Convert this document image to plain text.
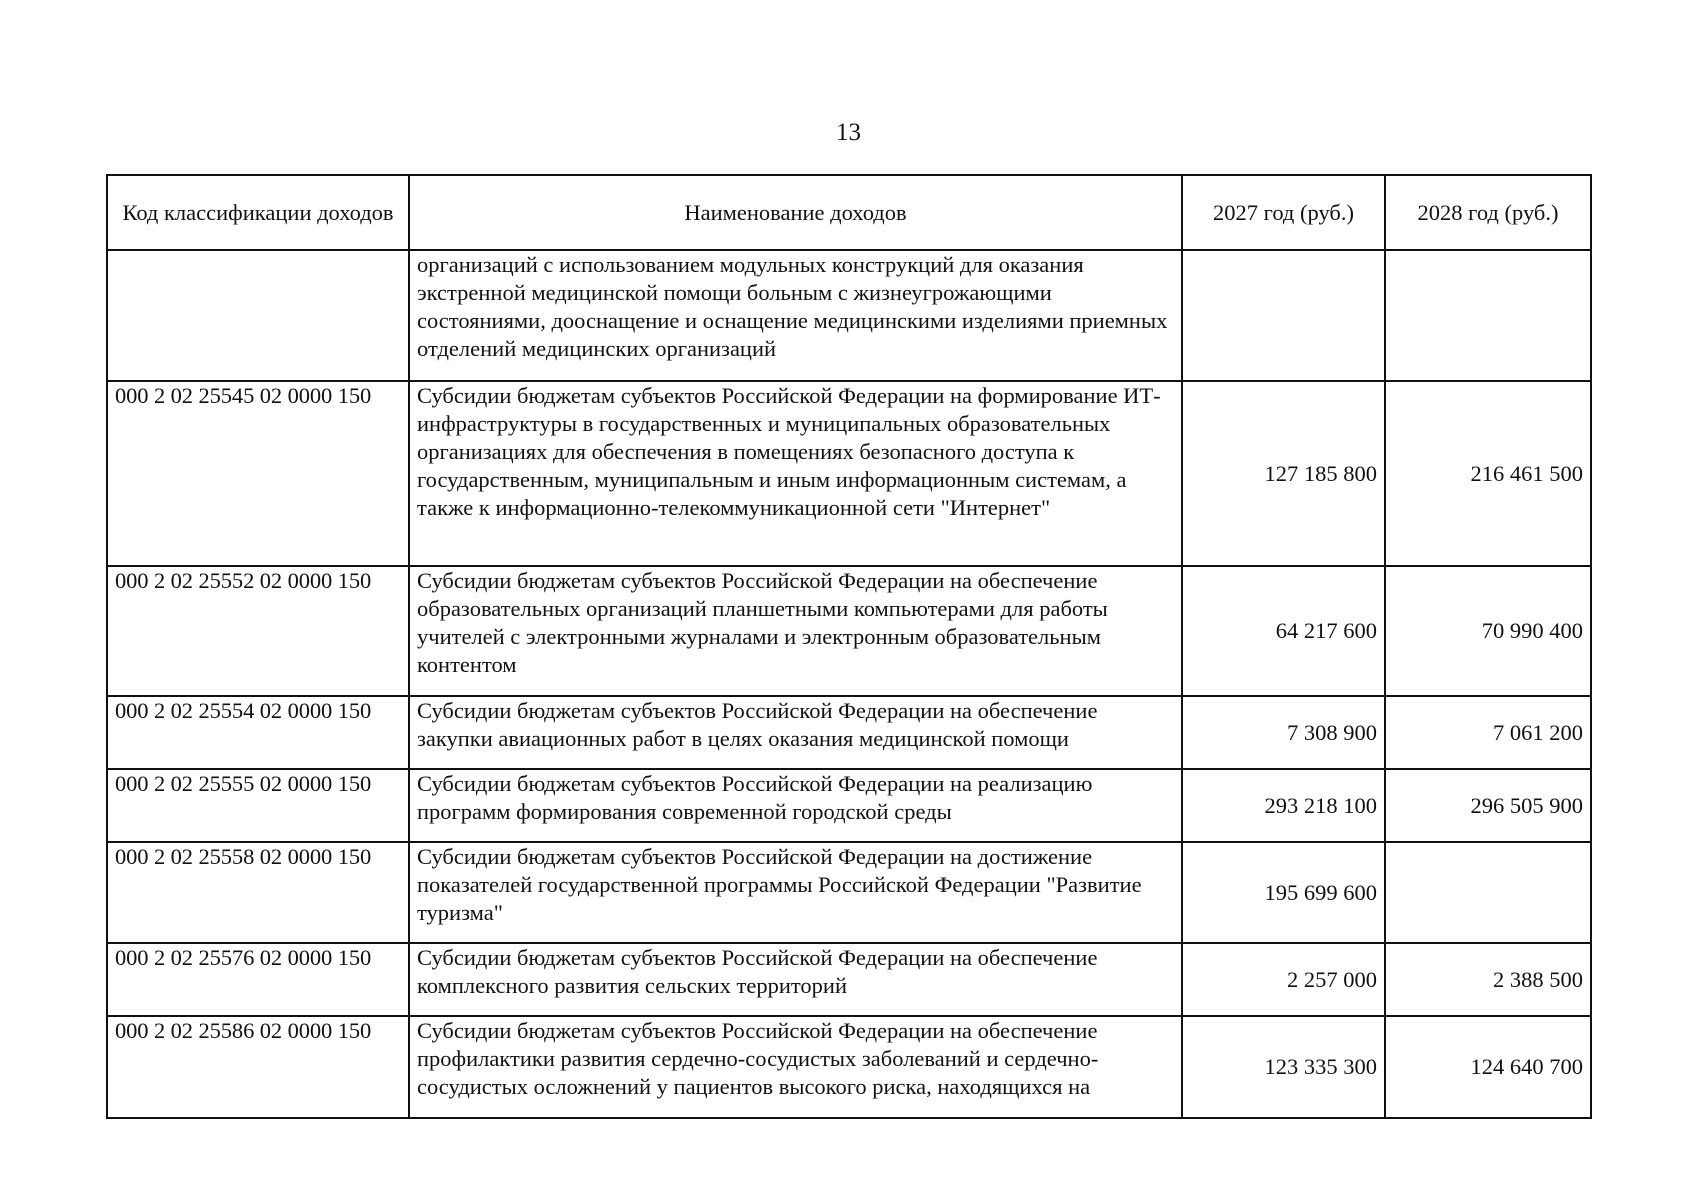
13
Код классификации доходов	Наименование доходов	2027 год (руб.)	2028 год (руб.)
	организаций с использованием модульных конструкций для оказания экстренной медицинской помощи больным с жизнеугрожающими состояниями, дооснащение и оснащение медицинскими изделиями приемных отделений медицинских организаций		
000 2 02 25545 02 0000 150	Субсидии бюджетам субъектов Российской Федерации на формирование ИТ-инфраструктуры в государственных и муниципальных образовательных организациях для обеспечения в помещениях безопасного доступа к государственным, муниципальным и иным информационным системам, а также к информационно-телекоммуникационной сети "Интернет"	127 185 800	216 461 500
000 2 02 25552 02 0000 150	Субсидии бюджетам субъектов Российской Федерации на обеспечение образовательных организаций планшетными компьютерами для работы учителей с электронными журналами и электронным образовательным контентом	64 217 600	70 990 400
000 2 02 25554 02 0000 150	Субсидии бюджетам субъектов Российской Федерации на обеспечение закупки авиационных работ в целях оказания медицинской помощи	7 308 900	7 061 200
000 2 02 25555 02 0000 150	Субсидии бюджетам субъектов Российской Федерации на реализацию программ формирования современной городской среды	293 218 100	296 505 900
000 2 02 25558 02 0000 150	Субсидии бюджетам субъектов Российской Федерации на достижение показателей государственной программы Российской Федерации "Развитие туризма"	195 699 600	
000 2 02 25576 02 0000 150	Субсидии бюджетам субъектов Российской Федерации на обеспечение комплексного развития сельских территорий	2 257 000	2 388 500
000 2 02 25586 02 0000 150	Субсидии бюджетам субъектов Российской Федерации на обеспечение профилактики развития сердечно-сосудистых заболеваний и сердечно-сосудистых осложнений у пациентов высокого риска, находящихся на	123 335 300	124 640 700
